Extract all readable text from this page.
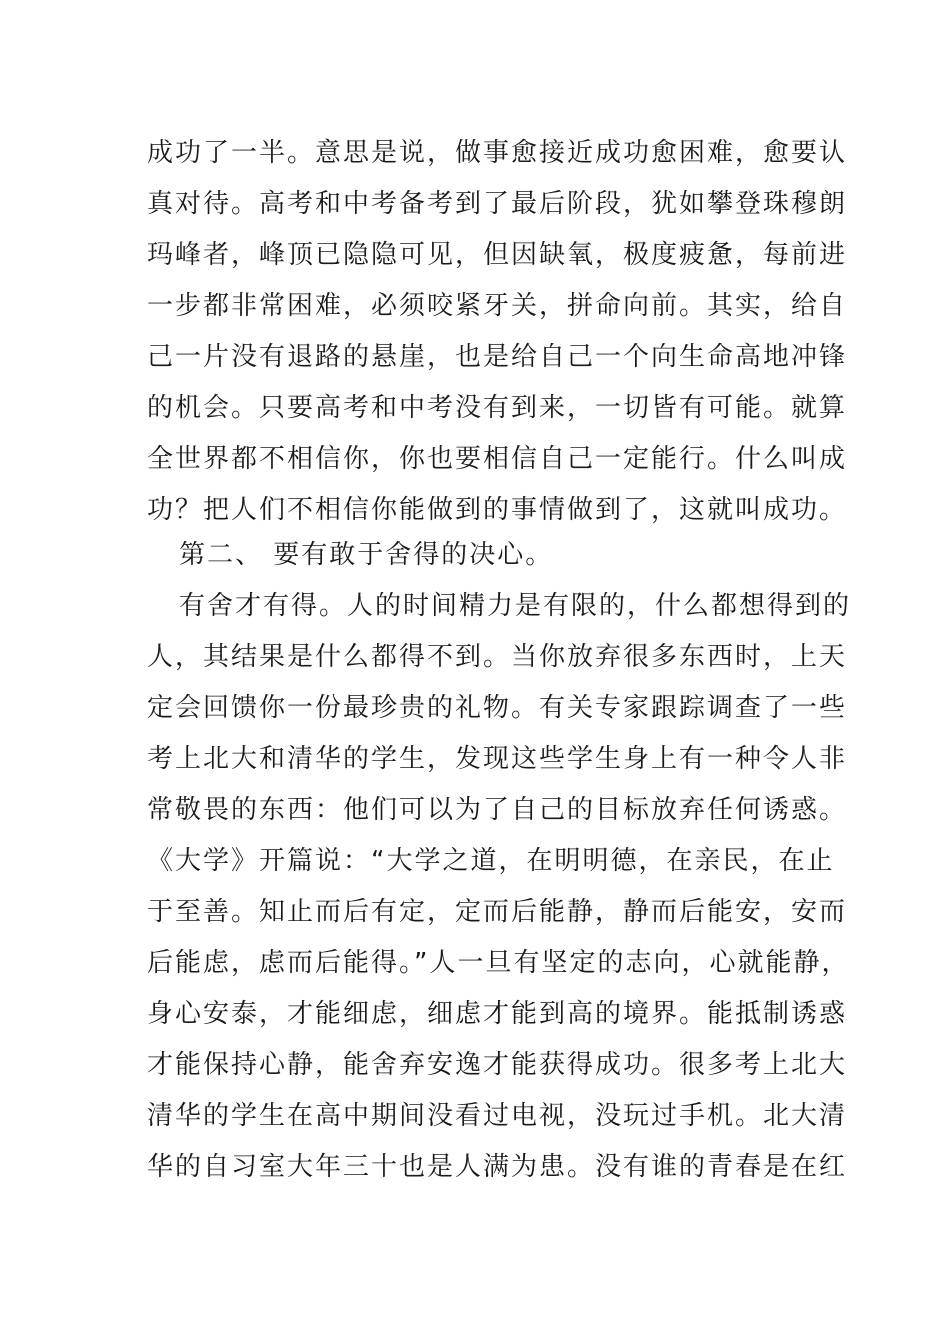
成功了一半。意思是说，做事愈接近成功愈困难，愈要认
真对待。高考和中考备考到了最后阶段，犹如攀登珠穆朗
玛峰者，峰顶已隐隐可见，但因缺氧，极度疲惫，每前进
一步都非常困难，必须咬紧牙关，拼命向前。其实，给自
己一片没有退路的悬崖，也是给自己一个向生命高地冲锋
的机会。只要高考和中考没有到来，一切皆有可能。就算
全世界都不相信你，你也要相信自己一定能行。什么叫成
功？把人们不相信你能做到的事情做到了，这就叫成功。
第二、 要有敢于舍得的决心。
有舍才有得。人的时间精力是有限的，什么都想得到的
人，其结果是什么都得不到。当你放弃很多东西时，上天
定会回馈你一份最珍贵的礼物。有关专家跟踪调查了一些
考上北大和清华的学生，发现这些学生身上有一种令人非
常敬畏的东西：他们可以为了自己的目标放弃任何诱惑。
《大学》开篇说：“大学之道，在明明德，在亲民，在止
于至善。知止而后有定，定而后能静，静而后能安，安而
后能虑，虑而后能得。”人一旦有坚定的志向，心就能静，
身心安泰，才能细虑，细虑才能到高的境界。能抵制诱惑
才能保持心静，能舍弃安逸才能获得成功。很多考上北大
清华的学生在高中期间没看过电视，没玩过手机。北大清
华的自习室大年三十也是人满为患。没有谁的青春是在红
